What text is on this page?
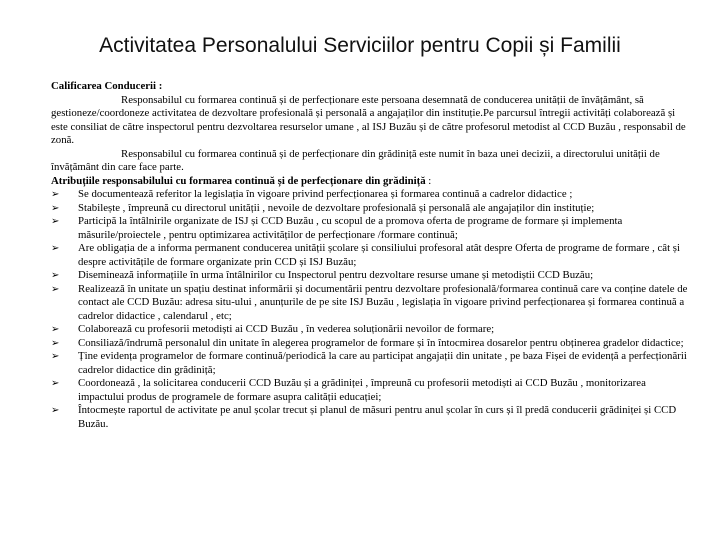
Activitatea Personalului Serviciilor pentru Copii și Familii

Calificarea Conducerii :

Responsabilul cu formarea continuă și de perfecționare este persoana desemnată de conducerea unității de învățământ, să gestioneze/coordoneze activitatea de dezvoltare profesională și personală a angajaților din instituție.Pe parcursul întregii activități colaborează și este consiliat de către inspectorul pentru dezvoltarea resurselor umane , al ISJ Buzău și de către profesorul metodist al CCD Buzău , responsabil de zonă.

Responsabilul cu formarea continuă și de perfecționare din grădiniță este numit în baza unei decizii, a directorului unității de învățământ din care face parte.

Atribuțiile responsabilului cu formarea continuă și de perfecționare din grădiniță :

➢ Se documentează referitor la legislația în vigoare privind perfecționarea și formarea continuă a cadrelor didactice ;
➢ Stabilește , împreună cu directorul unității , nevoile de dezvoltare profesională și personală ale angajaților din instituție;
➢ Participă la întâlnirile organizate de ISJ și CCD Buzău , cu scopul de a promova oferta de programe de formare și implementa măsurile/proiectele , pentru optimizarea activităților de perfecționare /formare continuă;
➢ Are obligația de a informa permanent conducerea unității școlare și consiliului profesoral atât despre Oferta de programe de formare , cât și despre activitățile de formare organizate prin CCD și ISJ Buzău;
➢ Diseminează informațiile în urma întâlnirilor cu Inspectorul pentru dezvoltare resurse umane și metodiștii CCD Buzău;
➢ Realizează în unitate un spațiu destinat informării și documentării pentru dezvoltare profesională/formarea continuă care va conține datele de contact ale CCD Buzău: adresa situ-ului , anunțurile de pe site ISJ Buzău , legislația în vigoare privind perfecționarea și formarea continuă a cadrelor didactice , calendarul , etc;
➢ Colaborează cu profesorii metodiști ai CCD Buzău , în vederea soluționării nevoilor de formare;
➢ Consiliază/îndrumă personalul din unitate în alegerea programelor de formare și în întocmirea dosarelor pentru obținerea gradelor didactice;
➢ Ține evidența programelor de formare continuă/periodică la care au participat angajații din unitate , pe baza Fișei de evidență a perfecționării cadrelor didactice din grădiniță;
➢ Coordonează , la solicitarea conducerii CCD Buzău și a grădiniței , împreună cu profesorii metodiști ai CCD Buzău , monitorizarea impactului produs de programele de formare asupra calității educației;
➢ Întocmește raportul de activitate pe anul școlar trecut și planul de măsuri pentru anul școlar în curs și îl predă conducerii grădiniței și CCD Buzău.
